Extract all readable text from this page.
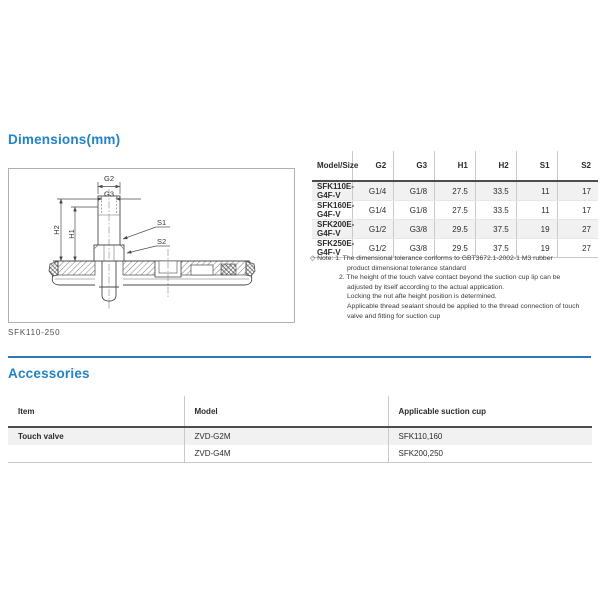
Dimensions(mm)
G2
G3
H2 H1
S1
S2
SFK110-250
Model/Size	G2	G3	H1	H2	S1	S2
SFK110E-G4F-V	G1/4	G1/8	27.5	33.5	11	17
SFK160E-G4F-V	G1/4	G1/8	27.5	33.5	11	17
SFK200E-G4F-V	G1/2	G3/8	29.5	37.5	19	27
SFK250E-G4F-V	G1/2	G3/8	29.5	37.5	19	27
◇ Note: 1. The dimensional tolerance conforms to GBT3672.1-2002-1 M3 rubber
product dimensional tolerance standard
2. The height of the touch valve contact beyond the suction cup lip can be
adjusted by itself according to the actual application.
Locking the nut afte height position is determined.
Applicable thread sealant should be applied to the thread connection of touch
valve and fitting for suction cup
Accessories
Item	Model	Applicable suction cup
Touch valve	ZVD-G2M	SFK110,160
	ZVD-G4M	SFK200,250
